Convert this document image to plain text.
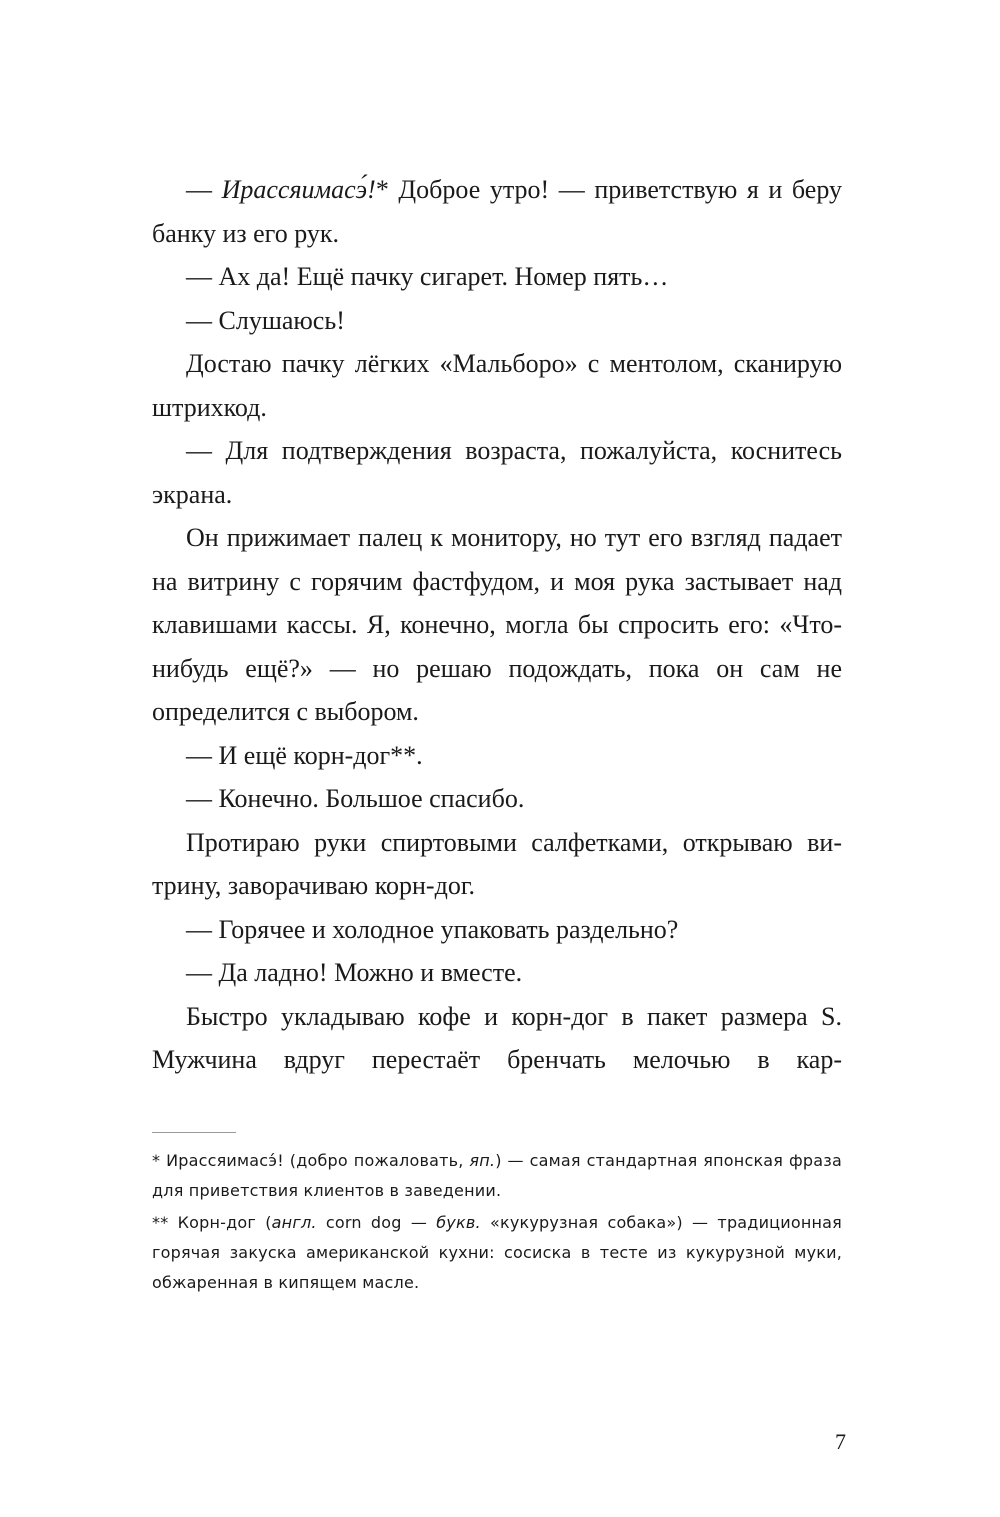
— Ирассяимасэ́!* Доброе утро! — приветствую я и беру банку из его рук.

— Ах да! Ещё пачку сигарет. Номер пять…

— Слушаюсь!

Достаю пачку лёгких «Мальборо» с ментолом, сканирую штрихкод.

— Для подтверждения возраста, пожалуйста, коснитесь экрана.

Он прижимает палец к монитору, но тут его взгляд падает на витрину с горячим фастфудом, и моя рука застывает над клавишами кассы. Я, конечно, могла бы спросить его: «Что-нибудь ещё?» — но решаю подождать, пока он сам не определится с выбором.

— И ещё корн-дог**.

— Конечно. Большое спасибо.

Протираю руки спиртовыми салфетками, открываю витрину, заворачиваю корн-дог.

— Горячее и холодное упаковать раздельно?

— Да ладно! Можно и вместе.

Быстро укладываю кофе и корн-дог в пакет размера S. Мужчина вдруг перестаёт бренчать мелочью в кар-

* Ирассяимасэ́! (добро пожаловать, яп.) — самая стандартная японская фраза для приветствия клиентов в заведении.

** Корн-дог (англ. corn dog — букв. «кукурузная собака») — традиционная горячая закуска американской кухни: сосиска в тесте из кукурузной муки, обжаренная в кипящем масле.

7
